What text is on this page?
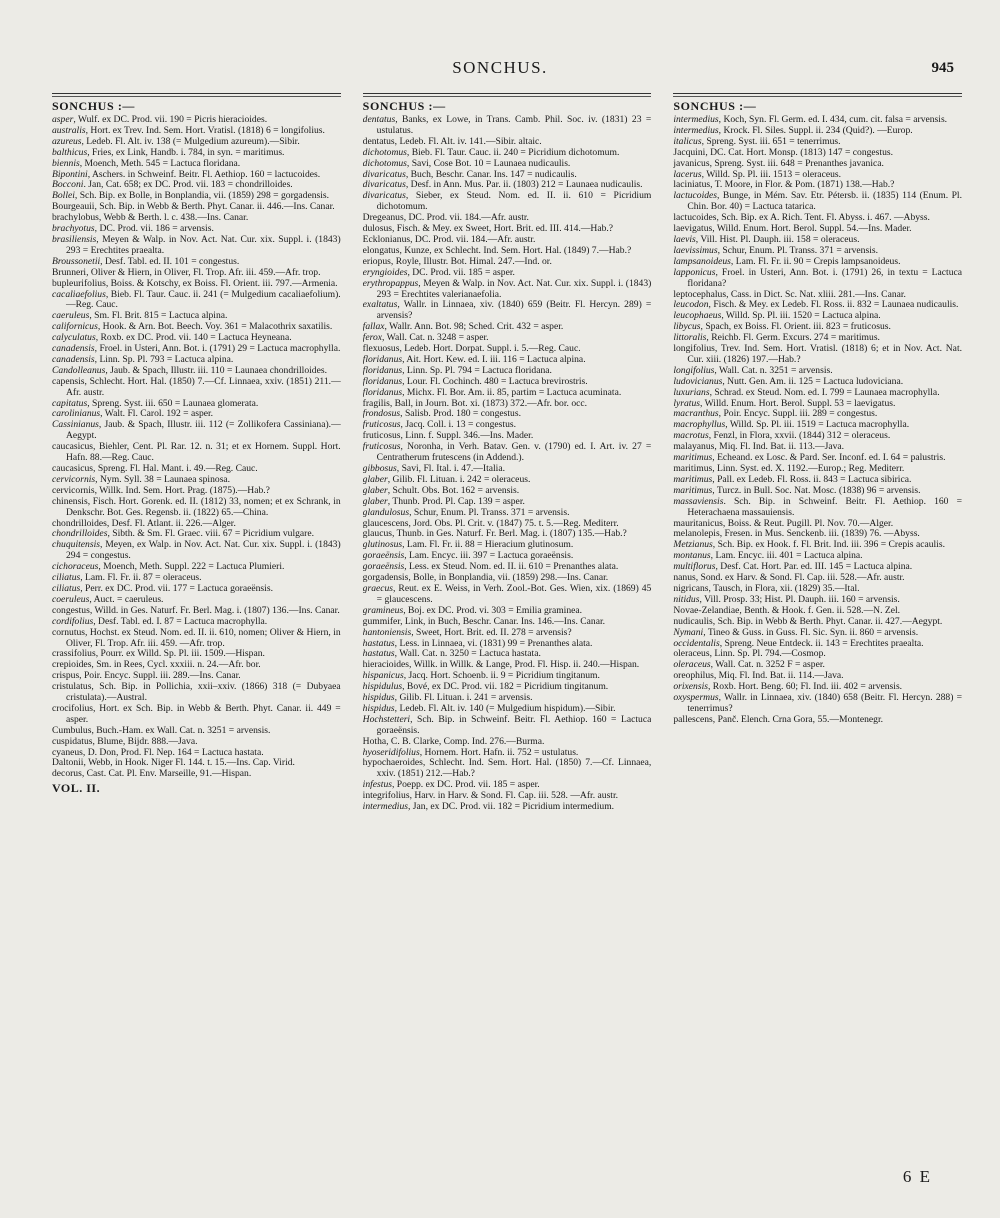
SONCHUS.	945
SONCHUS :—

asper, Wulf. ex DC. Prod. vii. 190 = Picris hieracioides.

australis, Hort. ex Trev. Ind. Sem. Hort. Vratisl. (1818) 6 = longifolius.

azureus, Ledeb. Fl. Alt. iv. 138 (= Mulgedium azureum).—Sibir.

balthicus, Fries, ex Link, Handb. i. 784, in syn. = maritimus.

biennis, Moench, Meth. 545 = Lactuca floridana.

Bipontini, Aschers. in Schweinf. Beitr. Fl. Aethiop. 160 = lactucoides.

Bocconi. Jan, Cat. 658; ex DC. Prod. vii. 183 = chondrilloides.

Bollei, Sch. Bip. ex Bolle, in Bonplandia, vii. (1859) 298 = gorgadensis.

Bourgeauii, Sch. Bip. in Webb & Berth. Phyt. Canar. ii. 446.—Ins. Canar.

brachylobus, Webb & Berth. l. c. 438.—Ins. Canar.

brachyotus, DC. Prod. vii. 186 = arvensis.

brasiliensis, Meyen & Walp. in Nov. Act. Nat. Cur. xix. Suppl. i. (1843) 293 = Erechtites praealta.

Broussonetii, Desf. Tabl. ed. II. 101 = congestus.

Brunneri, Oliver & Hiern, in Oliver, Fl. Trop. Afr. iii. 459.—Afr. trop.

bupleurifolius, Boiss. & Kotschy, ex Boiss. Fl. Orient. iii. 797.—Armenia.

cacaliaefolius, Bieb. Fl. Taur. Cauc. ii. 241 (= Mulgedium cacaliaefolium).—Reg. Cauc.

caeruleus, Sm. Fl. Brit. 815 = Lactuca alpina.

californicus, Hook. & Arn. Bot. Beech. Voy. 361 = Malacothrix saxatilis.

calyculatus, Roxb. ex DC. Prod. vii. 140 = Lactuca Heyneana.

canadensis, Froel. in Usteri, Ann. Bot. i. (1791) 29 = Lactuca macrophylla.

canadensis, Linn. Sp. Pl. 793 = Lactuca alpina.

Candolleanus, Jaub. & Spach, Illustr. iii. 110 = Launaea chondrilloides.

capensis, Schlecht. Hort. Hal. (1850) 7.—Cf. Linnaea, xxiv. (1851) 211.—Afr. austr.

capitatus, Spreng. Syst. iii. 650 = Launaea glomerata.

carolinianus, Walt. Fl. Carol. 192 = asper.

Cassinianus, Jaub. & Spach, Illustr. iii. 112 (= Zollikofera Cassiniana).—Aegypt.

caucasicus, Biehler, Cent. Pl. Rar. 12. n. 31; et ex Hornem. Suppl. Hort. Hafn. 88.—Reg. Cauc.

caucasicus, Spreng. Fl. Hal. Mant. i. 49.—Reg. Cauc.

cervicornis, Nym. Syll. 38 = Launaea spinosa.

cervicornis, Willk. Ind. Sem. Hort. Prag. (1875).—Hab.?

chinensis, Fisch. Hort. Gorenk. ed. II. (1812) 33, nomen; et ex Schrank, in Denkschr. Bot. Ges. Regensb. ii. (1822) 65.—China.

chondrilloides, Desf. Fl. Atlant. ii. 226.—Alger.

chondrilloides, Sibth. & Sm. Fl. Graec. viii. 67 = Picridium vulgare.

chuquitensis, Meyen, ex Walp. in Nov. Act. Nat. Cur. xix. Suppl. i. (1843) 294 = congestus.

cichoraceus, Moench, Meth. Suppl. 222 = Lactuca Plumieri.

ciliatus, Lam. Fl. Fr. ii. 87 = oleraceus.

ciliatus, Perr. ex DC. Prod. vii. 177 = Lactuca goraeënsis.

coeruleus, Auct. = caeruleus.

congestus, Willd. in Ges. Naturf. Fr. Berl. Mag. i. (1807) 136.—Ins. Canar.

cordifolius, Desf. Tabl. ed. I. 87 = Lactuca macrophylla.

cornutus, Hochst. ex Steud. Nom. ed. II. ii. 610, nomen; Oliver & Hiern, in Oliver, Fl. Trop. Afr. iii. 459. —Afr. trop.

crassifolius, Pourr. ex Willd. Sp. Pl. iii. 1509.—Hispan.

crepioides, Sm. in Rees, Cycl. xxxiii. n. 24.—Afr. bor.

crispus, Poir. Encyc. Suppl. iii. 289.—Ins. Canar.

cristulatus, Sch. Bip. in Pollichia, xxii–xxiv. (1866) 318 (= Dubyaea cristulata).—Austral.

crocifolius, Hort. ex Sch. Bip. in Webb & Berth. Phyt. Canar. ii. 449 = asper.

Cumbulus, Buch.-Ham. ex Wall. Cat. n. 3251 = arvensis.

cuspidatus, Blume, Bijdr. 888.—Java.

cyaneus, D. Don, Prod. Fl. Nep. 164 = Lactuca hastata.

Daltonii, Webb, in Hook. Niger Fl. 144. t. 15.—Ins. Cap. Virid.

decorus, Cast. Cat. Pl. Env. Marseille, 91.—Hispan.

VOL. II.
SONCHUS :—

dentatus, Banks, ex Lowe, in Trans. Camb. Phil. Soc. iv. (1831) 23 = ustulatus.

dentatus, Ledeb. Fl. Alt. iv. 141.—Sibir. altaic.

dichotomus, Bieb. Fl. Taur. Cauc. ii. 240 = Picridium dichotomum.

dichotomus, Savi, Cose Bot. 10 = Launaea nudicaulis.

divaricatus, Buch, Beschr. Canar. Ins. 147 = nudicaulis.

divaricatus, Desf. in Ann. Mus. Par. ii. (1803) 212 = Launaea nudicaulis.

divaricatus, Sieber, ex Steud. Nom. ed. II. ii. 610 = Picridium dichotomum.

Dregeanus, DC. Prod. vii. 184.—Afr. austr.

dulosus, Fisch. & Mey. ex Sweet, Hort. Brit. ed. III. 414.—Hab.?

Ecklonianus, DC. Prod. vii. 184.—Afr. austr.

elongatus, Kunze, ex Schlecht. Ind. Sem. Hort. Hal. (1849) 7.—Hab.?

eriopus, Royle, Illustr. Bot. Himal. 247.—Ind. or.

eryngioides, DC. Prod. vii. 185 = asper.

erythropappus, Meyen & Walp. in Nov. Act. Nat. Cur. xix. Suppl. i. (1843) 293 = Erechtites valerianaefolia.

exaltatus, Wallr. in Linnaea, xiv. (1840) 659 (Beitr. Fl. Hercyn. 289) = arvensis?

fallax, Wallr. Ann. Bot. 98; Sched. Crit. 432 = asper.

ferox, Wall. Cat. n. 3248 = asper.

flexuosus, Ledeb. Hort. Dorpat. Suppl. i. 5.—Reg. Cauc.

floridanus, Ait. Hort. Kew. ed. I. iii. 116 = Lactuca alpina.

floridanus, Linn. Sp. Pl. 794 = Lactuca floridana.

floridanus, Lour. Fl. Cochinch. 480 = Lactuca brevirostris.

floridanus, Michx. Fl. Bor. Am. ii. 85, partim = Lactuca acuminata.

fragilis, Ball, in Journ. Bot. xi. (1873) 372.—Afr. bor. occ.

frondosus, Salisb. Prod. 180 = congestus.

fruticosus, Jacq. Coll. i. 13 = congestus.

fruticosus, Linn. f. Suppl. 346.—Ins. Mader.

fruticosus, Noronha, in Verh. Batav. Gen. v. (1790) ed. I. Art. iv. 27 = Centratherum frutescens (in Addend.).

gibbosus, Savi, Fl. Ital. i. 47.—Italia.

glaber, Gilib. Fl. Lituan. i. 242 = oleraceus.

glaber, Schult. Obs. Bot. 162 = arvensis.

glaber, Thunb. Prod. Pl. Cap. 139 = asper.

glandulosus, Schur, Enum. Pl. Transs. 371 = arvensis.

glaucescens, Jord. Obs. Pl. Crit. v. (1847) 75. t. 5.—Reg. Mediterr.

glaucus, Thunb. in Ges. Naturf. Fr. Berl. Mag. i. (1807) 135.—Hab.?

glutinosus, Lam. Fl. Fr. ii. 88 = Hieracium glutinosum.

goraeënsis, Lam. Encyc. iii. 397 = Lactuca goraeënsis.

goraeënsis, Less. ex Steud. Nom. ed. II. ii. 610 = Prenanthes alata.

gorgadensis, Bolle, in Bonplandia, vii. (1859) 298.—Ins. Canar.

graecus, Reut. ex E. Weiss, in Verh. Zool.-Bot. Ges. Wien, xix. (1869) 45 = glaucescens.

gramineus, Boj. ex DC. Prod. vi. 303 = Emilia graminea.

gummifer, Link, in Buch, Beschr. Canar. Ins. 146.—Ins. Canar.

hantoniensis, Sweet, Hort. Brit. ed. II. 278 = arvensis?

hastatus, Less. in Linnaea, vi. (1831) 99 = Prenanthes alata.

hastatus, Wall. Cat. n. 3250 = Lactuca hastata.

hieracioides, Willk. in Willk. & Lange, Prod. Fl. Hisp. ii. 240.—Hispan.

hispanicus, Jacq. Hort. Schoenb. ii. 9 = Picridium tingitanum.

hispidulus, Bové, ex DC. Prod. vii. 182 = Picridium tingitanum.

hispidus, Gilib. Fl. Lituan. i. 241 = arvensis.

hispidus, Ledeb. Fl. Alt. iv. 140 (= Mulgedium hispidum).—Sibir.

Hochstetteri, Sch. Bip. in Schweinf. Beitr. Fl. Aethiop. 160 = Lactuca goraeënsis.

Hotha, C. B. Clarke, Comp. Ind. 276.—Burma.

hyoseridifolius, Hornem. Hort. Hafn. ii. 752 = ustulatus.

hypochaeroides, Schlecht. Ind. Sem. Hort. Hal. (1850) 7.—Cf. Linnaea, xxiv. (1851) 212.—Hab.?

infestus, Poepp. ex DC. Prod. vii. 185 = asper.

integrifolius, Harv. in Harv. & Sond. Fl. Cap. iii. 528. —Afr. austr.

intermedius, Jan, ex DC. Prod. vii. 182 = Picridium intermedium.

SONCHUS :—

intermedius, Koch, Syn. Fl. Germ. ed. I. 434, cum. cit. falsa = arvensis.

intermedius, Krock. Fl. Siles. Suppl. ii. 234 (Quid?). —Europ.

italicus, Spreng. Syst. iii. 651 = tenerrimus.

Jacquini, DC. Cat. Hort. Monsp. (1813) 147 = congestus.

javanicus, Spreng. Syst. iii. 648 = Prenanthes javanica.

lacerus, Willd. Sp. Pl. iii. 1513 = oleraceus.

laciniatus, T. Moore, in Flor. & Pom. (1871) 138.—Hab.?

lactucoides, Bunge, in Mém. Sav. Etr. Pétersb. ii. (1835) 114 (Enum. Pl. Chin. Bor. 40) = Lactuca tatarica.

lactucoides, Sch. Bip. ex A. Rich. Tent. Fl. Abyss. i. 467. —Abyss.

laevigatus, Willd. Enum. Hort. Berol. Suppl. 54.—Ins. Mader.

laevis, Vill. Hist. Pl. Dauph. iii. 158 = oleraceus.

laevissimus, Schur, Enum. Pl. Transs. 371 = arvensis.

lampsanoideus, Lam. Fl. Fr. ii. 90 = Crepis lampsanoideus.

lapponicus, Froel. in Usteri, Ann. Bot. i. (1791) 26, in textu = Lactuca floridana?

leptocephalus, Cass. in Dict. Sc. Nat. xliii. 281.—Ins. Canar.

leucodon, Fisch. & Mey. ex Ledeb. Fl. Ross. ii. 832 = Launaea nudicaulis.

leucophaeus, Willd. Sp. Pl. iii. 1520 = Lactuca alpina.

libycus, Spach, ex Boiss. Fl. Orient. iii. 823 = fruticosus.

littoralis, Reichb. Fl. Germ. Excurs. 274 = maritimus.

longifolius, Trev. Ind. Sem. Hort. Vratisl. (1818) 6; et in Nov. Act. Nat. Cur. xiii. (1826) 197.—Hab.?

longifolius, Wall. Cat. n. 3251 = arvensis.

ludovicianus, Nutt. Gen. Am. ii. 125 = Lactuca ludoviciana.

luxurians, Schrad. ex Steud. Nom. ed. I. 799 = Launaea macrophylla.

lyratus, Willd. Enum. Hort. Berol. Suppl. 53 = laevigatus.

macranthus, Poir. Encyc. Suppl. iii. 289 = congestus.

macrophyllus, Willd. Sp. Pl. iii. 1519 = Lactuca macrophylla.

macrotus, Fenzl, in Flora, xxvii. (1844) 312 = oleraceus.

malayanus, Miq. Fl. Ind. Bat. ii. 113.—Java.

maritimus, Echeand. ex Losc. & Pard. Ser. Inconf. ed. I. 64 = palustris.

maritimus, Linn. Syst. ed. X. 1192.—Europ.; Reg. Mediterr.

maritimus, Pall. ex Ledeb. Fl. Ross. ii. 843 = Lactuca sibirica.

maritimus, Turcz. in Bull. Soc. Nat. Mosc. (1838) 96 = arvensis.

massaviensis. Sch. Bip. in Schweinf. Beitr. Fl. Aethiop. 160 = Heterachaena massauiensis.

mauritanicus, Boiss. & Reut. Pugill. Pl. Nov. 70.—Alger.

melanolepis, Fresen. in Mus. Senckenb. iii. (1839) 76. —Abyss.

Metzianus, Sch. Bip. ex Hook. f. Fl. Brit. Ind. iii. 396 = Crepis acaulis.

montanus, Lam. Encyc. iii. 401 = Lactuca alpina.

multiflorus, Desf. Cat. Hort. Par. ed. III. 145 = Lactuca alpina.

nanus, Sond. ex Harv. & Sond. Fl. Cap. iii. 528.—Afr. austr.

nigricans, Tausch, in Flora, xii. (1829) 35.—Ital.

nitidus, Vill. Prosp. 33; Hist. Pl. Dauph. iii. 160 = arvensis.

Novae-Zelandiae, Benth. & Hook. f. Gen. ii. 528.—N. Zel.

nudicaulis, Sch. Bip. in Webb & Berth. Phyt. Canar. ii. 427.—Aegypt.

Nymani, Tineo & Guss. in Guss. Fl. Sic. Syn. ii. 860 = arvensis.

occidentalis, Spreng. Neue Entdeck. ii. 143 = Erechtites praealta.

oleraceus, Linn. Sp. Pl. 794.—Cosmop.

oleraceus, Wall. Cat. n. 3252 F = asper.

oreophilus, Miq. Fl. Ind. Bat. ii. 114.—Java.

orixensis, Roxb. Hort. Beng. 60; Fl. Ind. iii. 402 = arvensis.

oxyspermus, Wallr. in Linnaea, xiv. (1840) 658 (Beitr. Fl. Hercyn. 288) = tenerrimus?

pallescens, Panč. Elench. Crna Gora, 55.—Montenegr.

6 E
